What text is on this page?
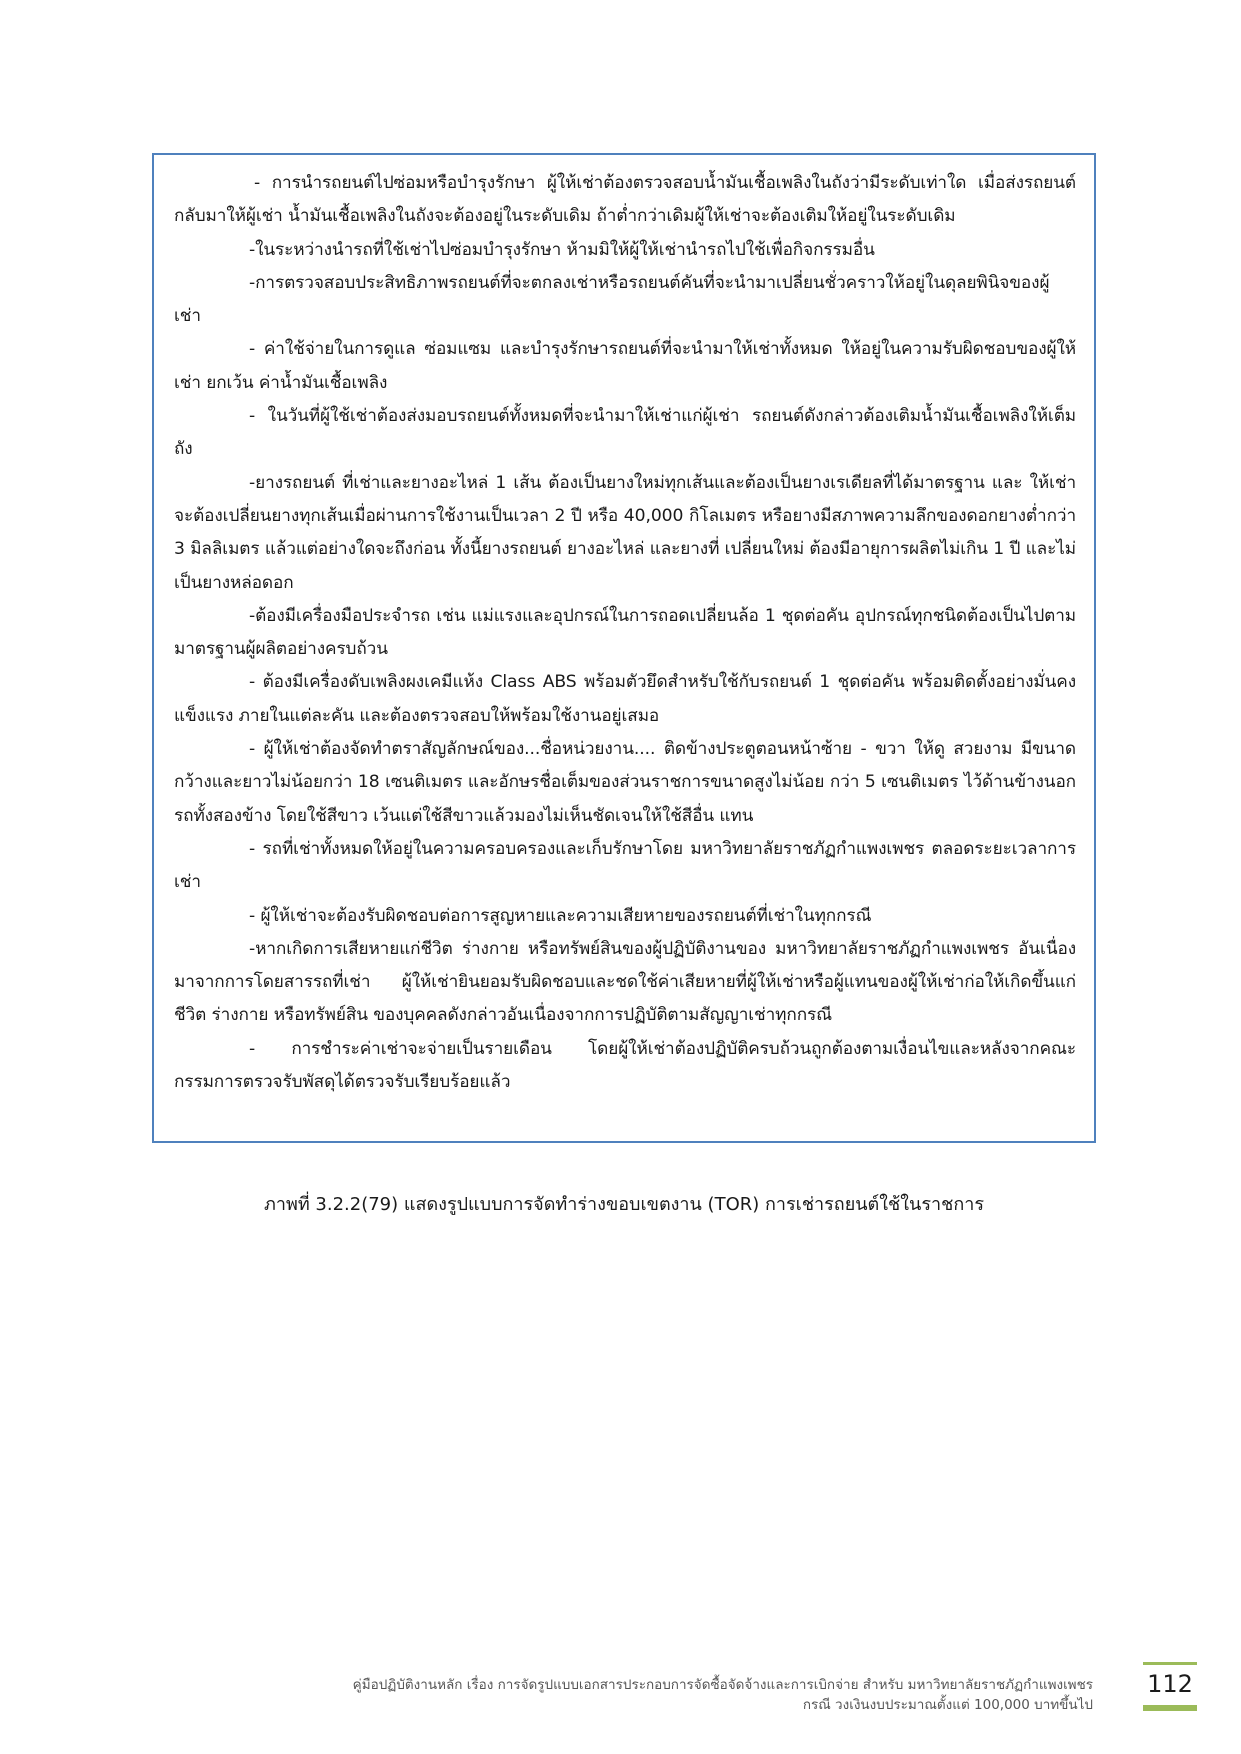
- การนำรถยนต์ไปซ่อมหรือบำรุงรักษา ผู้ให้เช่าต้องตรวจสอบน้ำมันเชื้อเพลิงในถังว่ามีระดับเท่าใด เมื่อส่งรถยนต์กลับมาให้ผู้เช่า น้ำมันเชื้อเพลิงในถังจะต้องอยู่ในระดับเดิม ถ้าต่ำกว่าเดิมผู้ให้เช่าจะต้องเติมให้อยู่ในระดับเดิม

-ในระหว่างนำรถที่ใช้เช่าไปซ่อมบำรุงรักษา ห้ามมิให้ผู้ให้เช่านำรถไปใช้เพื่อกิจกรรมอื่น

-การตรวจสอบประสิทธิภาพรถยนต์ที่จะตกลงเช่าหรือรถยนต์คันที่จะนำมาเปลี่ยนชั่วคราวให้อยู่ในดุลยพินิจของผู้เช่า

- ค่าใช้จ่ายในการดูแล ซ่อมแซม และบำรุงรักษารถยนต์ที่จะนำมาให้เช่าทั้งหมด ให้อยู่ในความรับผิดชอบของผู้ให้เช่า ยกเว้น ค่าน้ำมันเชื้อเพลิง

- ในวันที่ผู้ใช้เช่าต้องส่งมอบรถยนต์ทั้งหมดที่จะนำมาให้เช่าแก่ผู้เช่า รถยนต์ดังกล่าวต้องเติมน้ำมันเชื้อเพลิงให้เต็มถัง

-ยางรถยนต์ ที่เช่าและยางอะไหล่ 1 เส้น ต้องเป็นยางใหม่ทุกเส้นและต้องเป็นยางเรเดียลที่ได้มาตรฐาน และ ให้เช่าจะต้องเปลี่ยนยางทุกเส้นเมื่อผ่านการใช้งานเป็นเวลา 2 ปี หรือ 40,000 กิโลเมตร หรือยางมีสภาพความลึกของดอกยางต่ำกว่า 3 มิลลิเมตร แล้วแต่อย่างใดจะถึงก่อน ทั้งนี้ยางรถยนต์ ยางอะไหล่ และยางที่ เปลี่ยนใหม่ ต้องมีอายุการผลิตไม่เกิน 1 ปี และไม่เป็นยางหล่อดอก

-ต้องมีเครื่องมือประจำรถ เช่น แม่แรงและอุปกรณ์ในการถอดเปลี่ยนล้อ 1 ชุดต่อคัน อุปกรณ์ทุกชนิดต้องเป็นไปตามมาตรฐานผู้ผลิตอย่างครบถ้วน

- ต้องมีเครื่องดับเพลิงผงเคมีแห้ง Class ABS พร้อมตัวยึดสำหรับใช้กับรถยนต์ 1 ชุดต่อคัน พร้อมติดตั้งอย่างมั่นคง แข็งแรง ภายในแต่ละคัน และต้องตรวจสอบให้พร้อมใช้งานอยู่เสมอ

- ผู้ให้เช่าต้องจัดทำตราสัญลักษณ์ของ...ชื่อหน่วยงาน.... ติดข้างประตูตอนหน้าซ้าย - ขวา ให้ดู สวยงาม มีขนาดกว้างและยาวไม่น้อยกว่า 18 เซนติเมตร และอักษรชื่อเต็มของส่วนราชการขนาดสูงไม่น้อย กว่า 5 เซนติเมตร ไว้ด้านข้างนอกรถทั้งสองข้าง โดยใช้สีขาว เว้นแต่ใช้สีขาวแล้วมองไม่เห็นชัดเจนให้ใช้สีอื่น แทน

- รถที่เช่าทั้งหมดให้อยู่ในความครอบครองและเก็บรักษาโดย มหาวิทยาลัยราชภัฏกำแพงเพชร ตลอดระยะเวลาการเช่า

- ผู้ให้เช่าจะต้องรับผิดชอบต่อการสูญหายและความเสียหายของรถยนต์ที่เช่าในทุกกรณี

-หากเกิดการเสียหายแก่ชีวิต ร่างกาย หรือทรัพย์สินของผู้ปฏิบัติงานของ มหาวิทยาลัยราชภัฏกำแพงเพชร อันเนื่องมาจากการโดยสารรถที่เช่า ผู้ให้เช่ายินยอมรับผิดชอบและชดใช้ค่าเสียหายที่ผู้ให้เช่าหรือผู้แทนของผู้ให้เช่าก่อให้เกิดขึ้นแก่ชีวิต ร่างกาย หรือทรัพย์สิน ของบุคคลดังกล่าวอันเนื่องจากการปฏิบัติตามสัญญาเช่าทุกกรณี

- การชำระค่าเช่าจะจ่ายเป็นรายเดือน โดยผู้ให้เช่าต้องปฏิบัติครบถ้วนถูกต้องตามเงื่อนไขและหลังจากคณะกรรมการตรวจรับพัสดุได้ตรวจรับเรียบร้อยแล้ว

ภาพที่ 3.2.2(79) แสดงรูปแบบการจัดทำร่างขอบเขตงาน (TOR) การเช่ารถยนต์ใช้ในราชการ
คู่มือปฏิบัติงานหลัก เรื่อง การจัดรูปแบบเอกสารประกอบการจัดซื้อจัดจ้างและการเบิกจ่าย สำหรับ มหาวิทยาลัยราชภัฏกำแพงเพชร
กรณี วงเงินงบประมาณตั้งแต่ 100,000 บาทขึ้นไป
112
